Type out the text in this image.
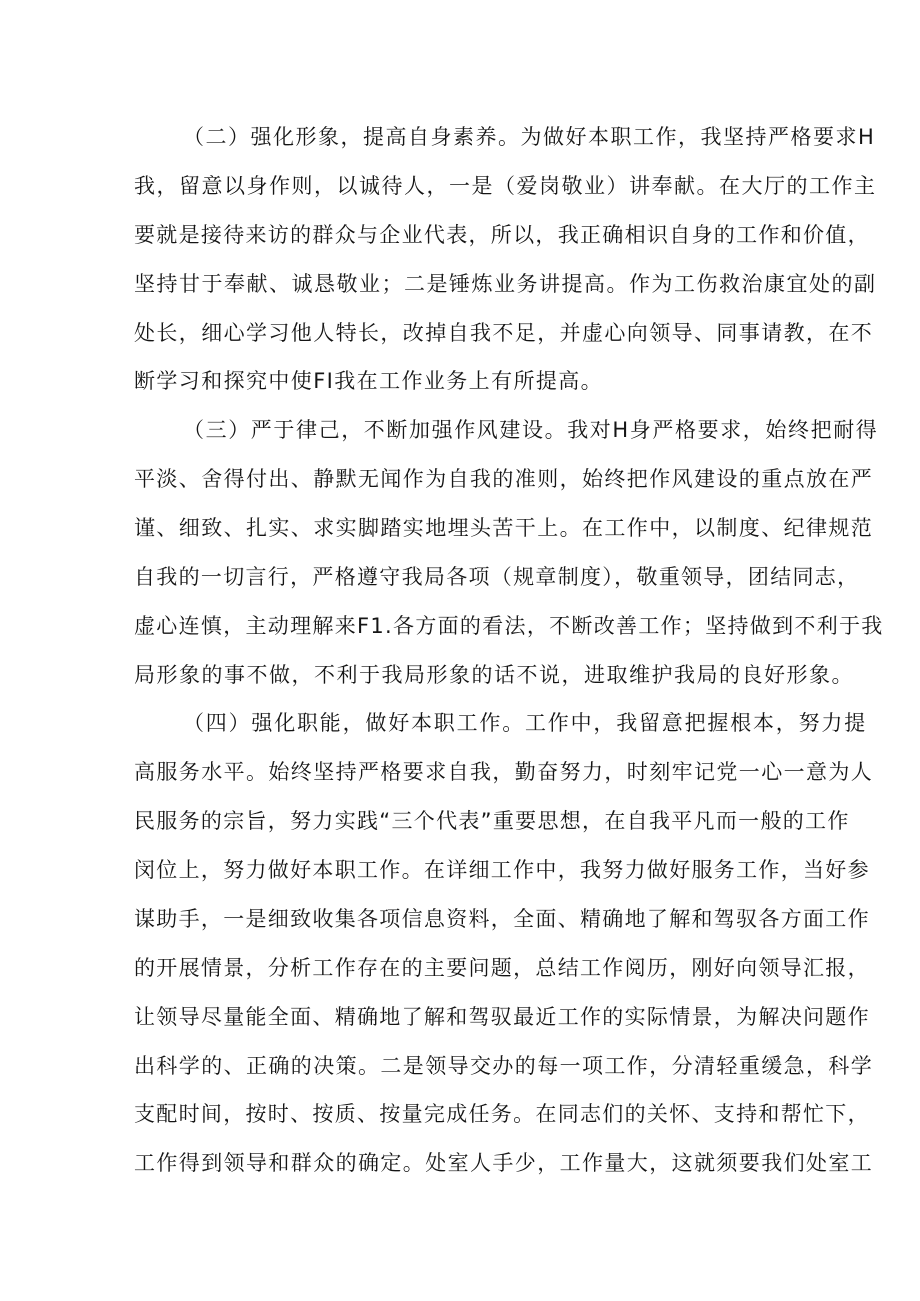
（二）强化形象，提高自身素养。为做好本职工作，我坚持严格要求H
我，留意以身作则，以诚待人，一是（爱岗敬业）讲奉献。在大厅的工作主
要就是接待来访的群众与企业代表，所以，我正确相识自身的工作和价值，
坚持甘于奉献、诚恳敬业；二是锤炼业务讲提高。作为工伤救治康宜处的副
处长，细心学习他人特长，改掉自我不足，并虚心向领导、同事请教，在不
断学习和探究中使FI我在工作业务上有所提高。
（三）严于律己，不断加强作风建设。我对H身严格要求，始终把耐得
平淡、舍得付出、静默无闻作为自我的准则，始终把作风建设的重点放在严
谨、细致、扎实、求实脚踏实地埋头苦干上。在工作中，以制度、纪律规范
自我的一切言行，严格遵守我局各项（规章制度），敬重领导，团结同志，
虚心连慎，主动理解来F1.各方面的看法，不断改善工作；坚持做到不利于我
局形象的事不做，不利于我局形象的话不说，进取维护我局的良好形象。
（四）强化职能，做好本职工作。工作中，我留意把握根本，努力提
高服务水平。始终坚持严格要求自我，勤奋努力，时刻牢记党一心一意为人
民服务的宗旨，努力实践“三个代表”重要思想，在自我平凡而一般的工作
闵位上，努力做好本职工作。在详细工作中，我努力做好服务工作，当好参
谋助手，一是细致收集各项信息资料，全面、精确地了解和驾驭各方面工作
的开展情景，分析工作存在的主要问题，总结工作阅历，刚好向领导汇报，
让领导尽量能全面、精确地了解和驾驭最近工作的实际情景，为解决问题作
出科学的、正确的决策。二是领导交办的每一项工作，分清轻重缓急，科学
支配时间，按时、按质、按量完成任务。在同志们的关怀、支持和帮忙下，
工作得到领导和群众的确定。处室人手少，工作量大，这就须要我们处室工
